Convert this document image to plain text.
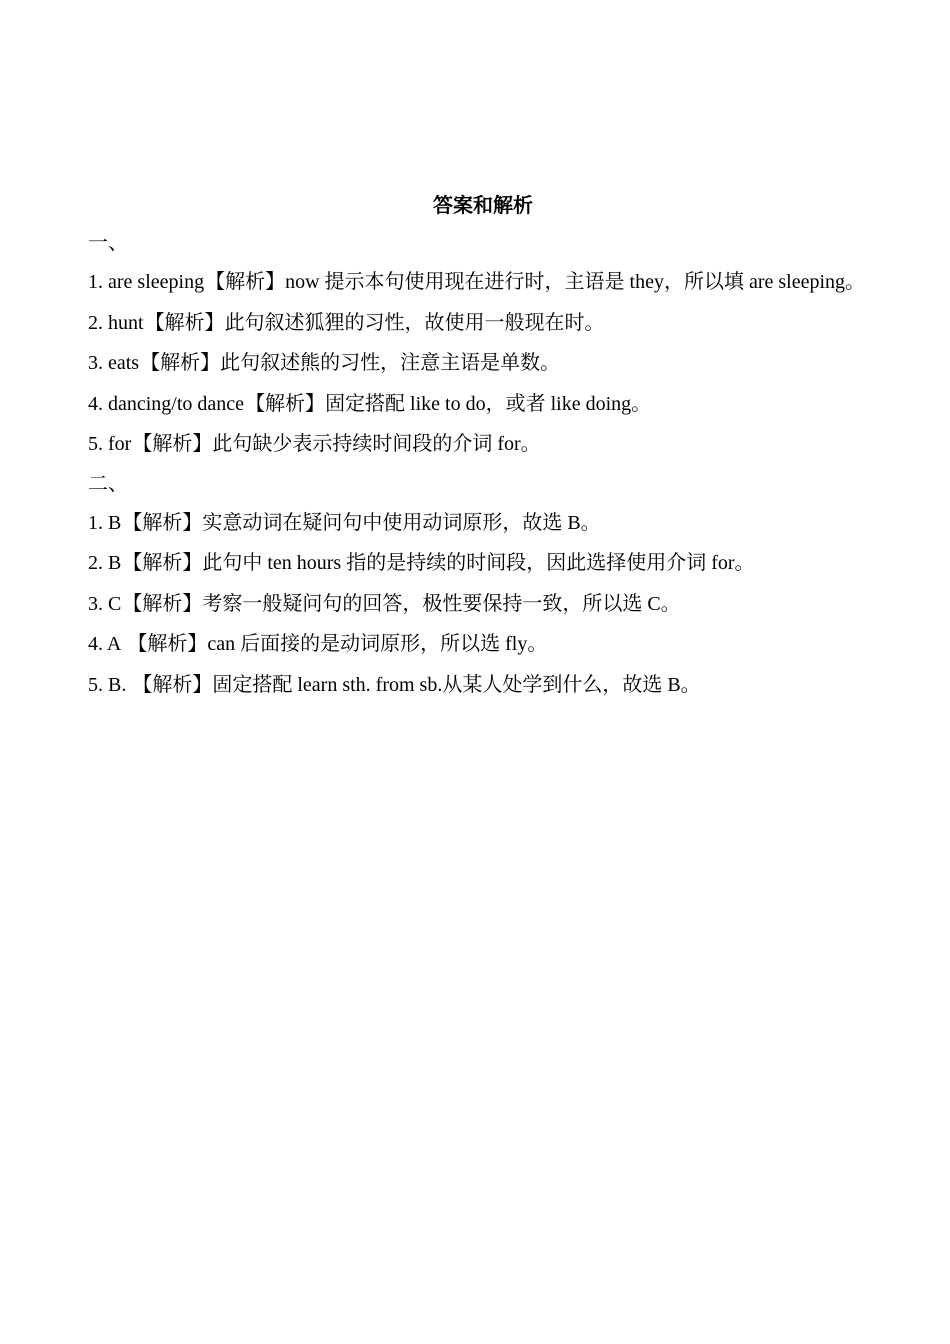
答案和解析

一、

1. are sleeping【解析】now 提示本句使用现在进行时，主语是 they，所以填 are sleeping。

2. hunt【解析】此句叙述狐狸的习性，故使用一般现在时。

3. eats【解析】此句叙述熊的习性，注意主语是单数。

4. dancing/to dance【解析】固定搭配 like to do，或者 like doing。

5. for【解析】此句缺少表示持续时间段的介词 for。

二、

1. B【解析】实意动词在疑问句中使用动词原形，故选 B。

2. B【解析】此句中 ten hours 指的是持续的时间段，因此选择使用介词 for。

3. C【解析】考察一般疑问句的回答，极性要保持一致，所以选 C。

4. A 【解析】can 后面接的是动词原形，所以选 fly。

5. B. 【解析】固定搭配 learn sth. from sb.从某人处学到什么，故选 B。
